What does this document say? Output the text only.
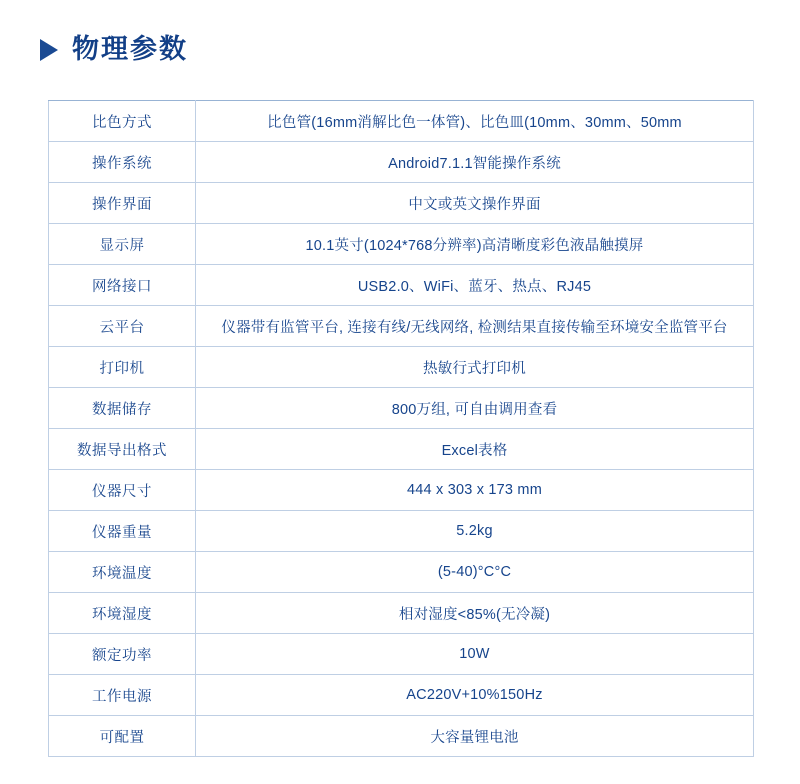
物理参数
比色方式	比色管(16mm消解比色一体管)、比色皿(10mm、30mm、50mm
操作系统	Android7.1.1智能操作系统
操作界面	中文或英文操作界面
显示屏	10.1英寸(1024*768分辨率)高清晰度彩色液晶触摸屏
网络接口	USB2.0、WiFi、蓝牙、热点、RJ45
云平台	仪器带有监管平台, 连接有线/无线网络, 检测结果直接传输至环境安全监管平台
打印机	热敏行式打印机
数据储存	800万组, 可自由调用查看
数据导出格式	Excel表格
仪器尺寸	444 x 303 x 173 mm
仪器重量	5.2kg
环境温度	(5-40)°C°C
环境湿度	相对湿度<85%(无冷凝)
额定功率	10W
工作电源	AC220V+10%150Hz
可配置	大容量锂电池
